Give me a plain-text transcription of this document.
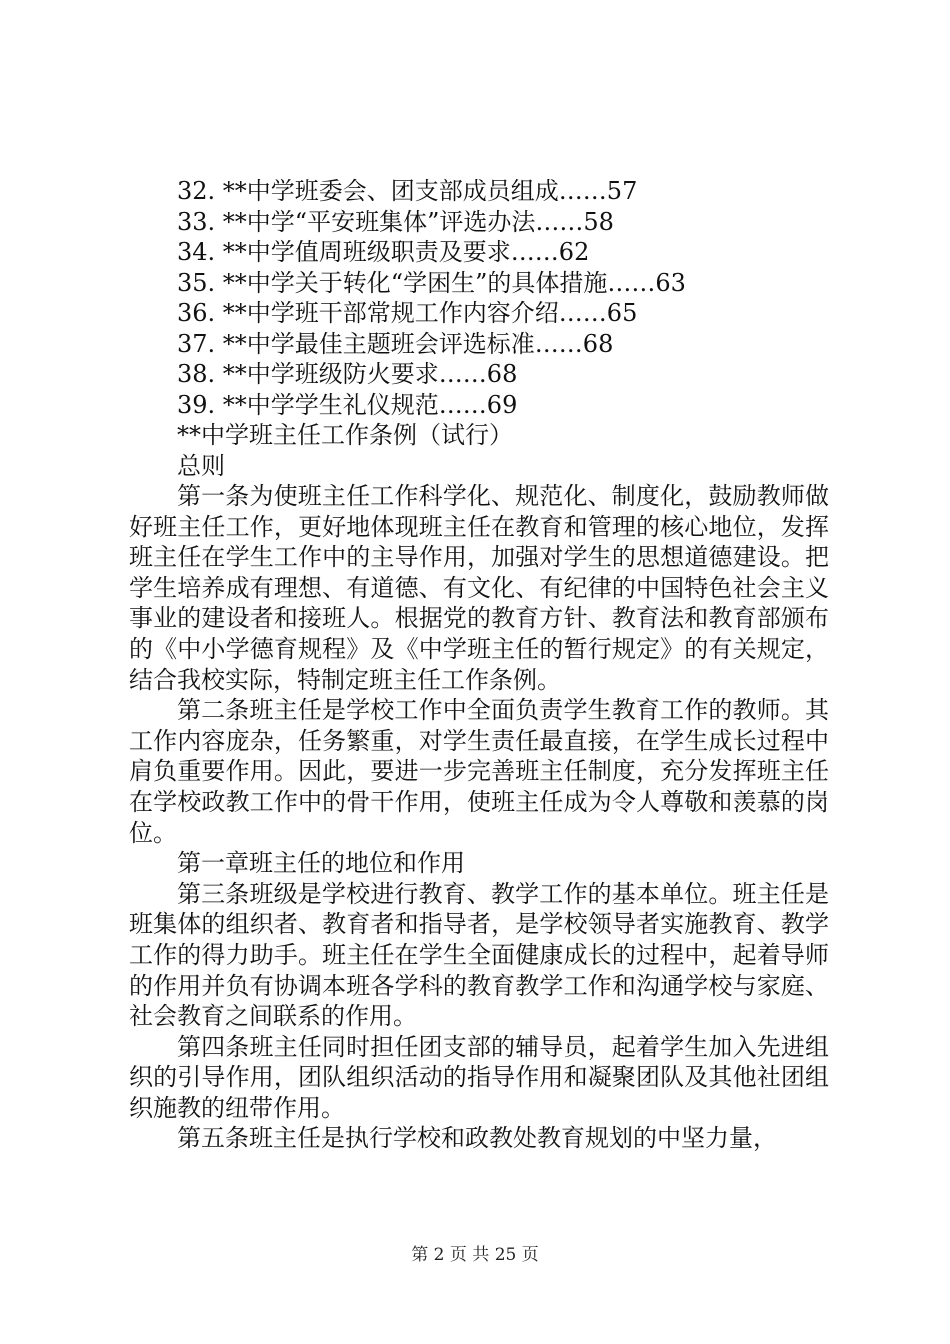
32. **中学班委会、团支部成员组成……57
33. **中学“平安班集体”评选办法……58
34. **中学值周班级职责及要求……62
35. **中学关于转化“学困生”的具体措施……63
36. **中学班干部常规工作内容介绍……65
37. **中学最佳主题班会评选标准……68
38. **中学班级防火要求……68
39. **中学学生礼仪规范……69
**中学班主任工作条例（试行）
总则

第一条为使班主任工作科学化、规范化、制度化，鼓励教师做好班主任工作，更好地体现班主任在教育和管理的核心地位，发挥班主任在学生工作中的主导作用，加强对学生的思想道德建设。把学生培养成有理想、有道德、有文化、有纪律的中国特色社会主义事业的建设者和接班人。根据党的教育方针、教育法和教育部颁布的《中小学德育规程》及《中学班主任的暂行规定》的有关规定，结合我校实际，特制定班主任工作条例。

第二条班主任是学校工作中全面负责学生教育工作的教师。其工作内容庞杂，任务繁重，对学生责任最直接，在学生成长过程中肩负重要作用。因此，要进一步完善班主任制度，充分发挥班主任在学校政教工作中的骨干作用，使班主任成为令人尊敬和羡慕的岗位。

第一章班主任的地位和作用

第三条班级是学校进行教育、教学工作的基本单位。班主任是班集体的组织者、教育者和指导者，是学校领导者实施教育、教学工作的得力助手。班主任在学生全面健康成长的过程中，起着导师的作用并负有协调本班各学科的教育教学工作和沟通学校与家庭、社会教育之间联系的作用。

第四条班主任同时担任团支部的辅导员，起着学生加入先进组织的引导作用，团队组织活动的指导作用和凝聚团队及其他社团组织施教的纽带作用。

第五条班主任是执行学校和政教处教育规划的中坚力量，

第 2 页 共 25 页
